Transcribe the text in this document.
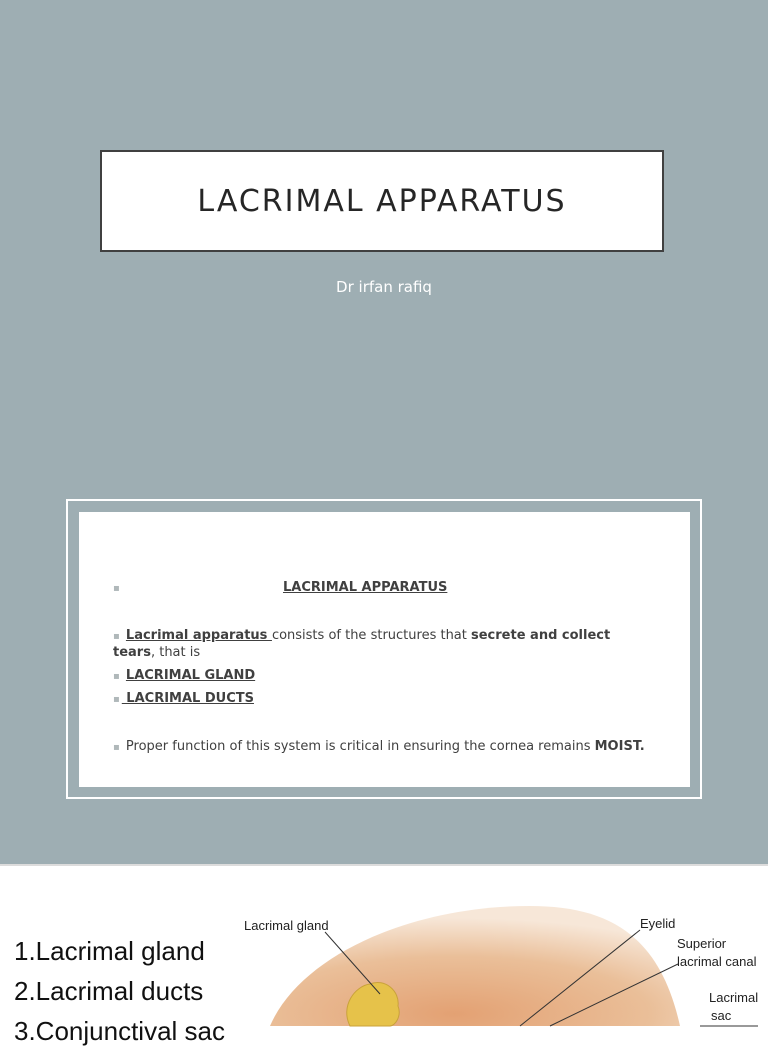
LACRIMAL APPARATUS
Dr irfan rafiq
▪	LACRIMAL APPARATUS
▪ Lacrimal apparatus consists of the structures that secrete and collect tears, that is
▪ LACRIMAL GLAND
▪ LACRIMAL DUCTS
▪ Proper function of this system is critical in ensuring the cornea remains MOIST.
1.Lacrimal gland
2.Lacrimal ducts
3.Conjunctival sac
Lacrimal gland	Eyelid
Superior
lacrimal canal
Lacrimal
sac
